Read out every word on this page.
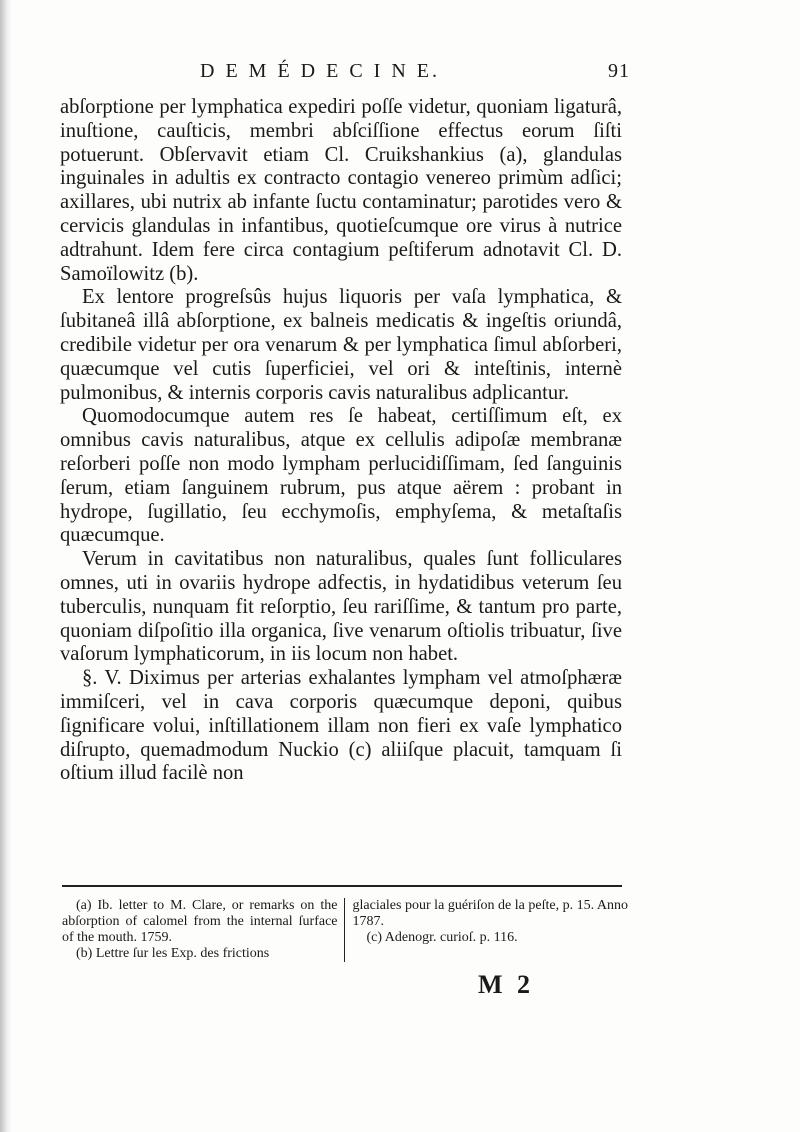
D E M É D E C I N E.	91

abſorptione per lymphatica expediri poſſe videtur, quoniam ligaturâ, inuſtione, cauſticis, membri abſciſſione effectus eorum ſiſti potuerunt. Obſervavit etiam Cl. Cruikshankius (a), glandulas inguinales in adultis ex contracto contagio venereo primùm adſici; axillares, ubi nutrix ab infante ſuctu contaminatur; parotides vero & cervicis glandulas in infantibus, quotieſcumque ore virus à nutrice adtrahunt. Idem fere circa contagium peſtiferum adnotavit Cl. D. Samoïlowitz (b).

Ex lentore progreſsûs hujus liquoris per vaſa lymphatica, & ſubitaneâ illâ abſorptione, ex balneis medicatis & ingeſtis oriundâ, credibile videtur per ora venarum & per lymphatica ſimul abſorberi, quæcumque vel cutis ſuperficiei, vel ori & inteſtinis, internè pulmonibus, & internis corporis cavis naturalibus adplicantur.

Quomodocumque autem res ſe habeat, certiſſimum eſt, ex omnibus cavis naturalibus, atque ex cellulis adipoſæ membranæ reſorberi poſſe non modo lympham perlucidiſſimam, ſed ſanguinis ſerum, etiam ſanguinem rubrum, pus atque aërem : probant in hydrope, ſugillatio, ſeu ecchymoſis, emphyſema, & metaſtaſis quæcumque.

Verum in cavitatibus non naturalibus, quales ſunt folliculares omnes, uti in ovariis hydrope adfectis, in hydatidibus veterum ſeu tuberculis, nunquam fit reſorptio, ſeu rariſſime, & tantum pro parte, quoniam diſpoſitio illa organica, ſive venarum oſtiolis tribuatur, ſive vaſorum lymphaticorum, in iis locum non habet.

§. V. Diximus per arterias exhalantes lympham vel atmoſphæræ immiſceri, vel in cava corporis quæcumque deponi, quibus ſignificare volui, inſtillationem illam non fieri ex vaſe lymphatico diſrupto, quemadmodum Nuckio (c) aliiſque placuit, tamquam ſi oſtium illud facilè non

(a) Ib. letter to M. Clare, or remarks on the abſorption of calomel from the internal ſurface of the mouth. 1759.

(b) Lettre ſur les Exp. des frictions

glaciales pour la guériſon de la peſte, p. 15. Anno 1787.

(c) Adenogr. curioſ. p. 116.

M 2
